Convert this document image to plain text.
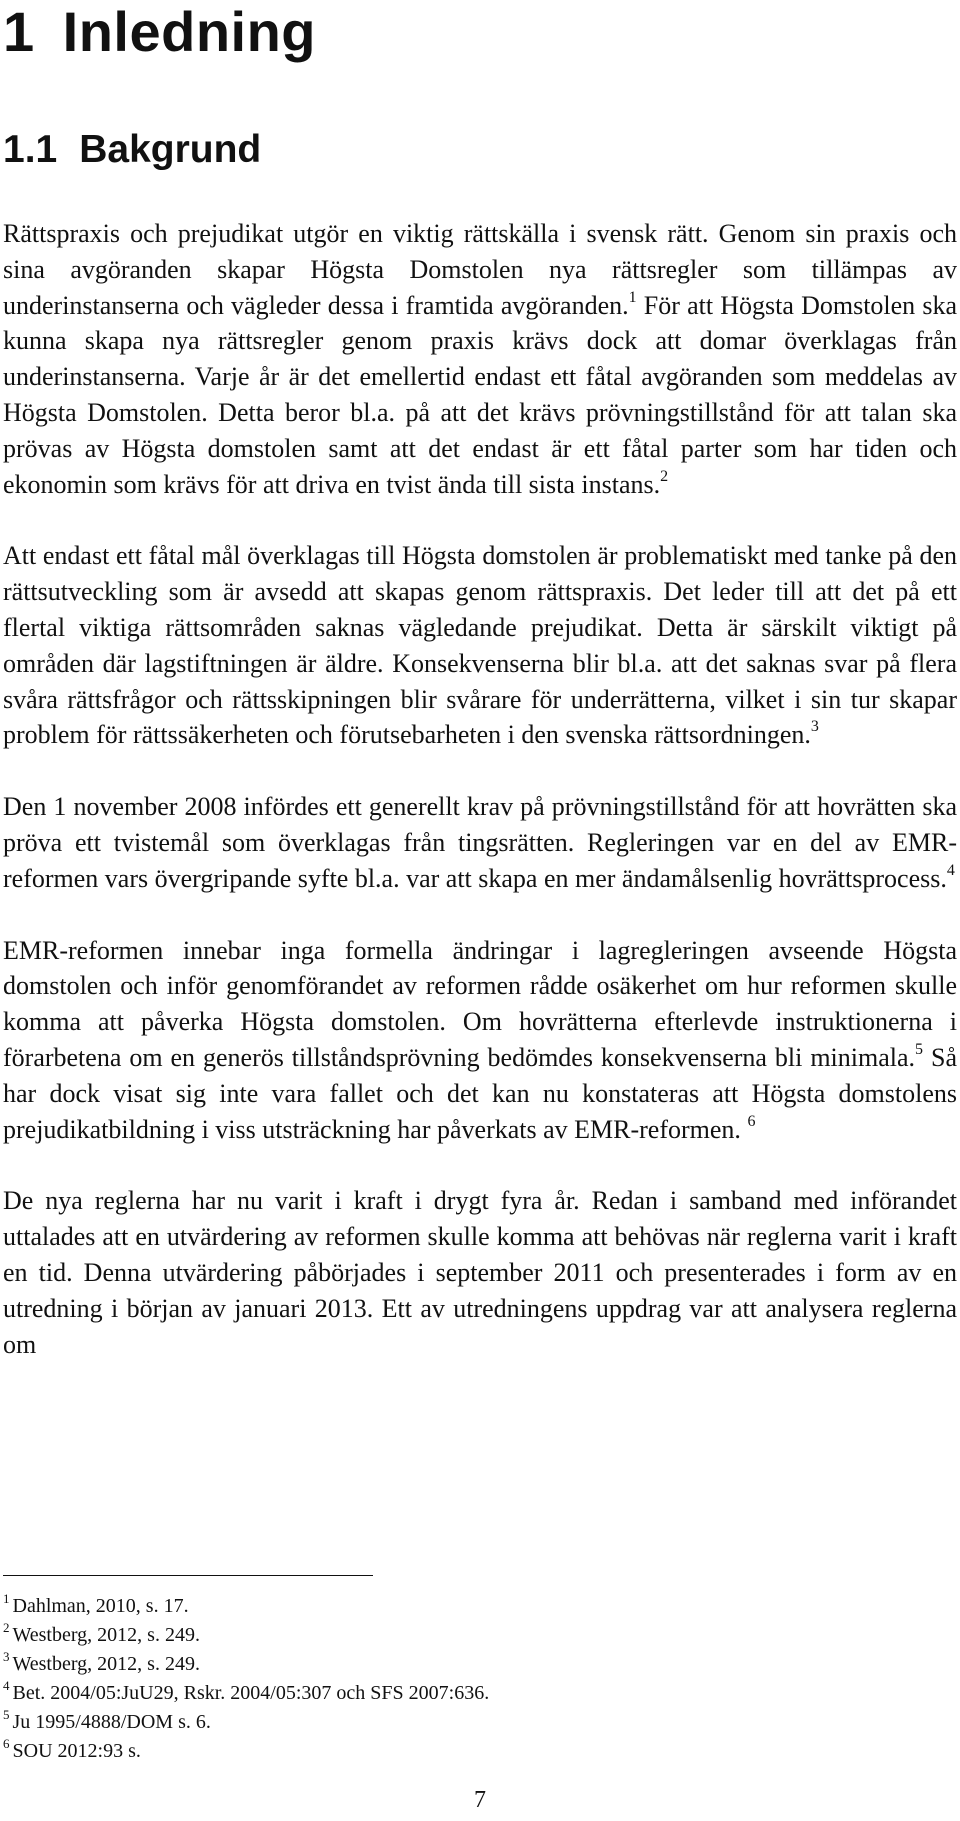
1 Inledning
1.1 Bakgrund

Rättspraxis och prejudikat utgör en viktig rättskälla i svensk rätt. Genom sin praxis och sina avgöranden skapar Högsta Domstolen nya rättsregler som tillämpas av underinstanserna och vägleder dessa i framtida avgöranden.$^1$ För att Högsta Domstolen ska kunna skapa nya rättsregler genom praxis krävs dock att domar överklagas från underinstanserna. Varje år är det emellertid endast ett fåtal avgöranden som meddelas av Högsta Domstolen. Detta beror bl.a. på att det krävs prövningstillstånd för att talan ska prövas av Högsta domstolen samt att det endast är ett fåtal parter som har tiden och ekonomin som krävs för att driva en tvist ända till sista instans.$^2$

Att endast ett fåtal mål överklagas till Högsta domstolen är problematiskt med tanke på den rättsutveckling som är avsedd att skapas genom rättspraxis. Det leder till att det på ett flertal viktiga rättsområden saknas vägledande prejudikat. Detta är särskilt viktigt på områden där lagstiftningen är äldre. Konsekvenserna blir bl.a. att det saknas svar på flera svåra rättsfrågor och rättsskipningen blir svårare för underrätterna, vilket i sin tur skapar problem för rättssäkerheten och förutsebarheten i den svenska rättsordningen.$^3$

Den 1 november 2008 infördes ett generellt krav på prövningstillstånd för att hovrätten ska pröva ett tvistemål som överklagas från tingsrätten. Regleringen var en del av EMR-reformen vars övergripande syfte bl.a. var att skapa en mer ändamålsenlig hovrättsprocess.$^4$

EMR-reformen innebar inga formella ändringar i lagregleringen avseende Högsta domstolen och inför genomförandet av reformen rådde osäkerhet om hur reformen skulle komma att påverka Högsta domstolen. Om hovrätterna efterlevde instruktionerna i förarbetena om en generös tillståndsprövning bedömdes konsekvenserna bli minimala.$^5$ Så har dock visat sig inte vara fallet och det kan nu konstateras att Högsta domstolens prejudikatbildning i viss utsträckning har påverkats av EMR-reformen. $^6$

De nya reglerna har nu varit i kraft i drygt fyra år. Redan i samband med införandet uttalades att en utvärdering av reformen skulle komma att behövas när reglerna varit i kraft en tid. Denna utvärdering påbörjades i september 2011 och presenterades i form av en utredning i början av januari 2013. Ett av utredningens uppdrag var att analysera reglerna om

$^1$ Dahlman, 2010, s. 17.
$^2$ Westberg, 2012, s. 249.
$^3$ Westberg, 2012, s. 249.
$^4$ Bet. 2004/05:JuU29, Rskr. 2004/05:307 och SFS 2007:636.
$^5$ Ju 1995/4888/DOM s. 6.
$^6$ SOU 2012:93 s.
7
